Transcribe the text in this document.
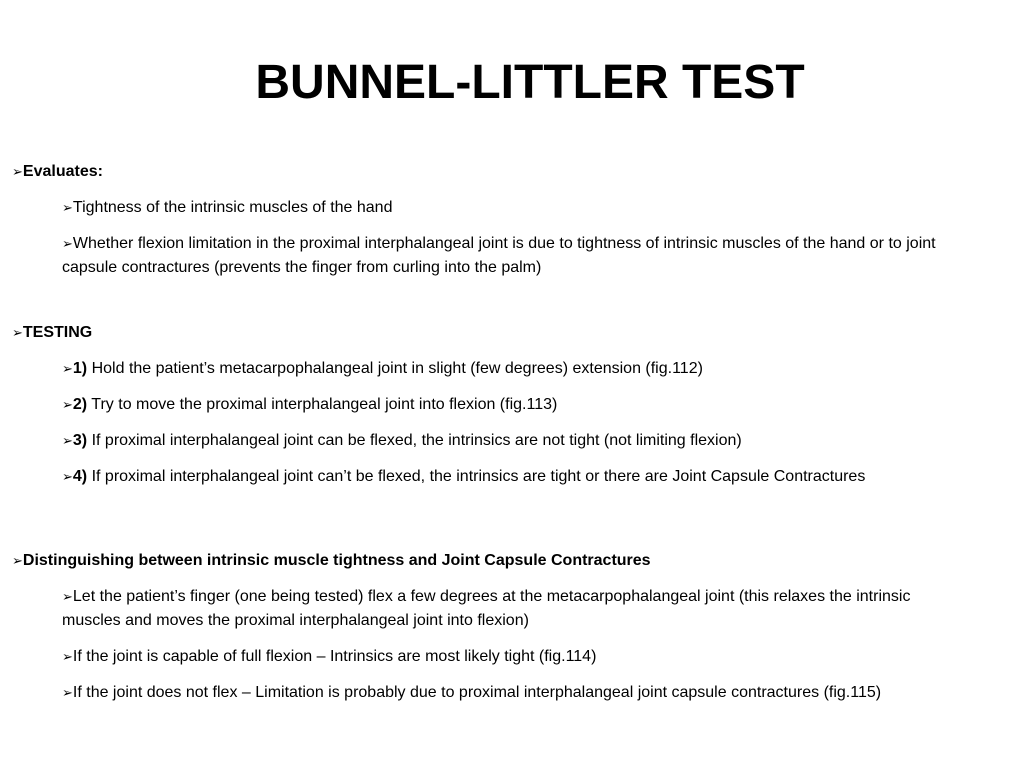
BUNNEL-LITTLER TEST
➢Evaluates:
➢Tightness of the intrinsic muscles of the hand
➢Whether flexion limitation in the proximal interphalangeal joint is due to tightness of intrinsic muscles of the hand or to joint capsule contractures (prevents the finger from curling into the palm)
➢TESTING
➢1) Hold the patient’s metacarpophalangeal joint in slight (few degrees) extension (fig.112)
➢2) Try to move the proximal interphalangeal joint into flexion (fig.113)
➢3) If proximal interphalangeal joint can be flexed, the intrinsics are not tight (not limiting flexion)
➢4) If proximal interphalangeal joint can’t be flexed, the intrinsics are tight or there are Joint Capsule Contractures
➢Distinguishing between intrinsic muscle tightness and Joint Capsule Contractures
➢Let the patient’s finger (one being tested) flex a few degrees at the metacarpophalangeal joint (this relaxes the intrinsic muscles and moves the proximal interphalangeal joint into flexion)
➢If the joint is capable of full flexion – Intrinsics are most likely tight (fig.114)
➢If the joint does not flex – Limitation is probably due to proximal interphalangeal joint capsule contractures (fig.115)
